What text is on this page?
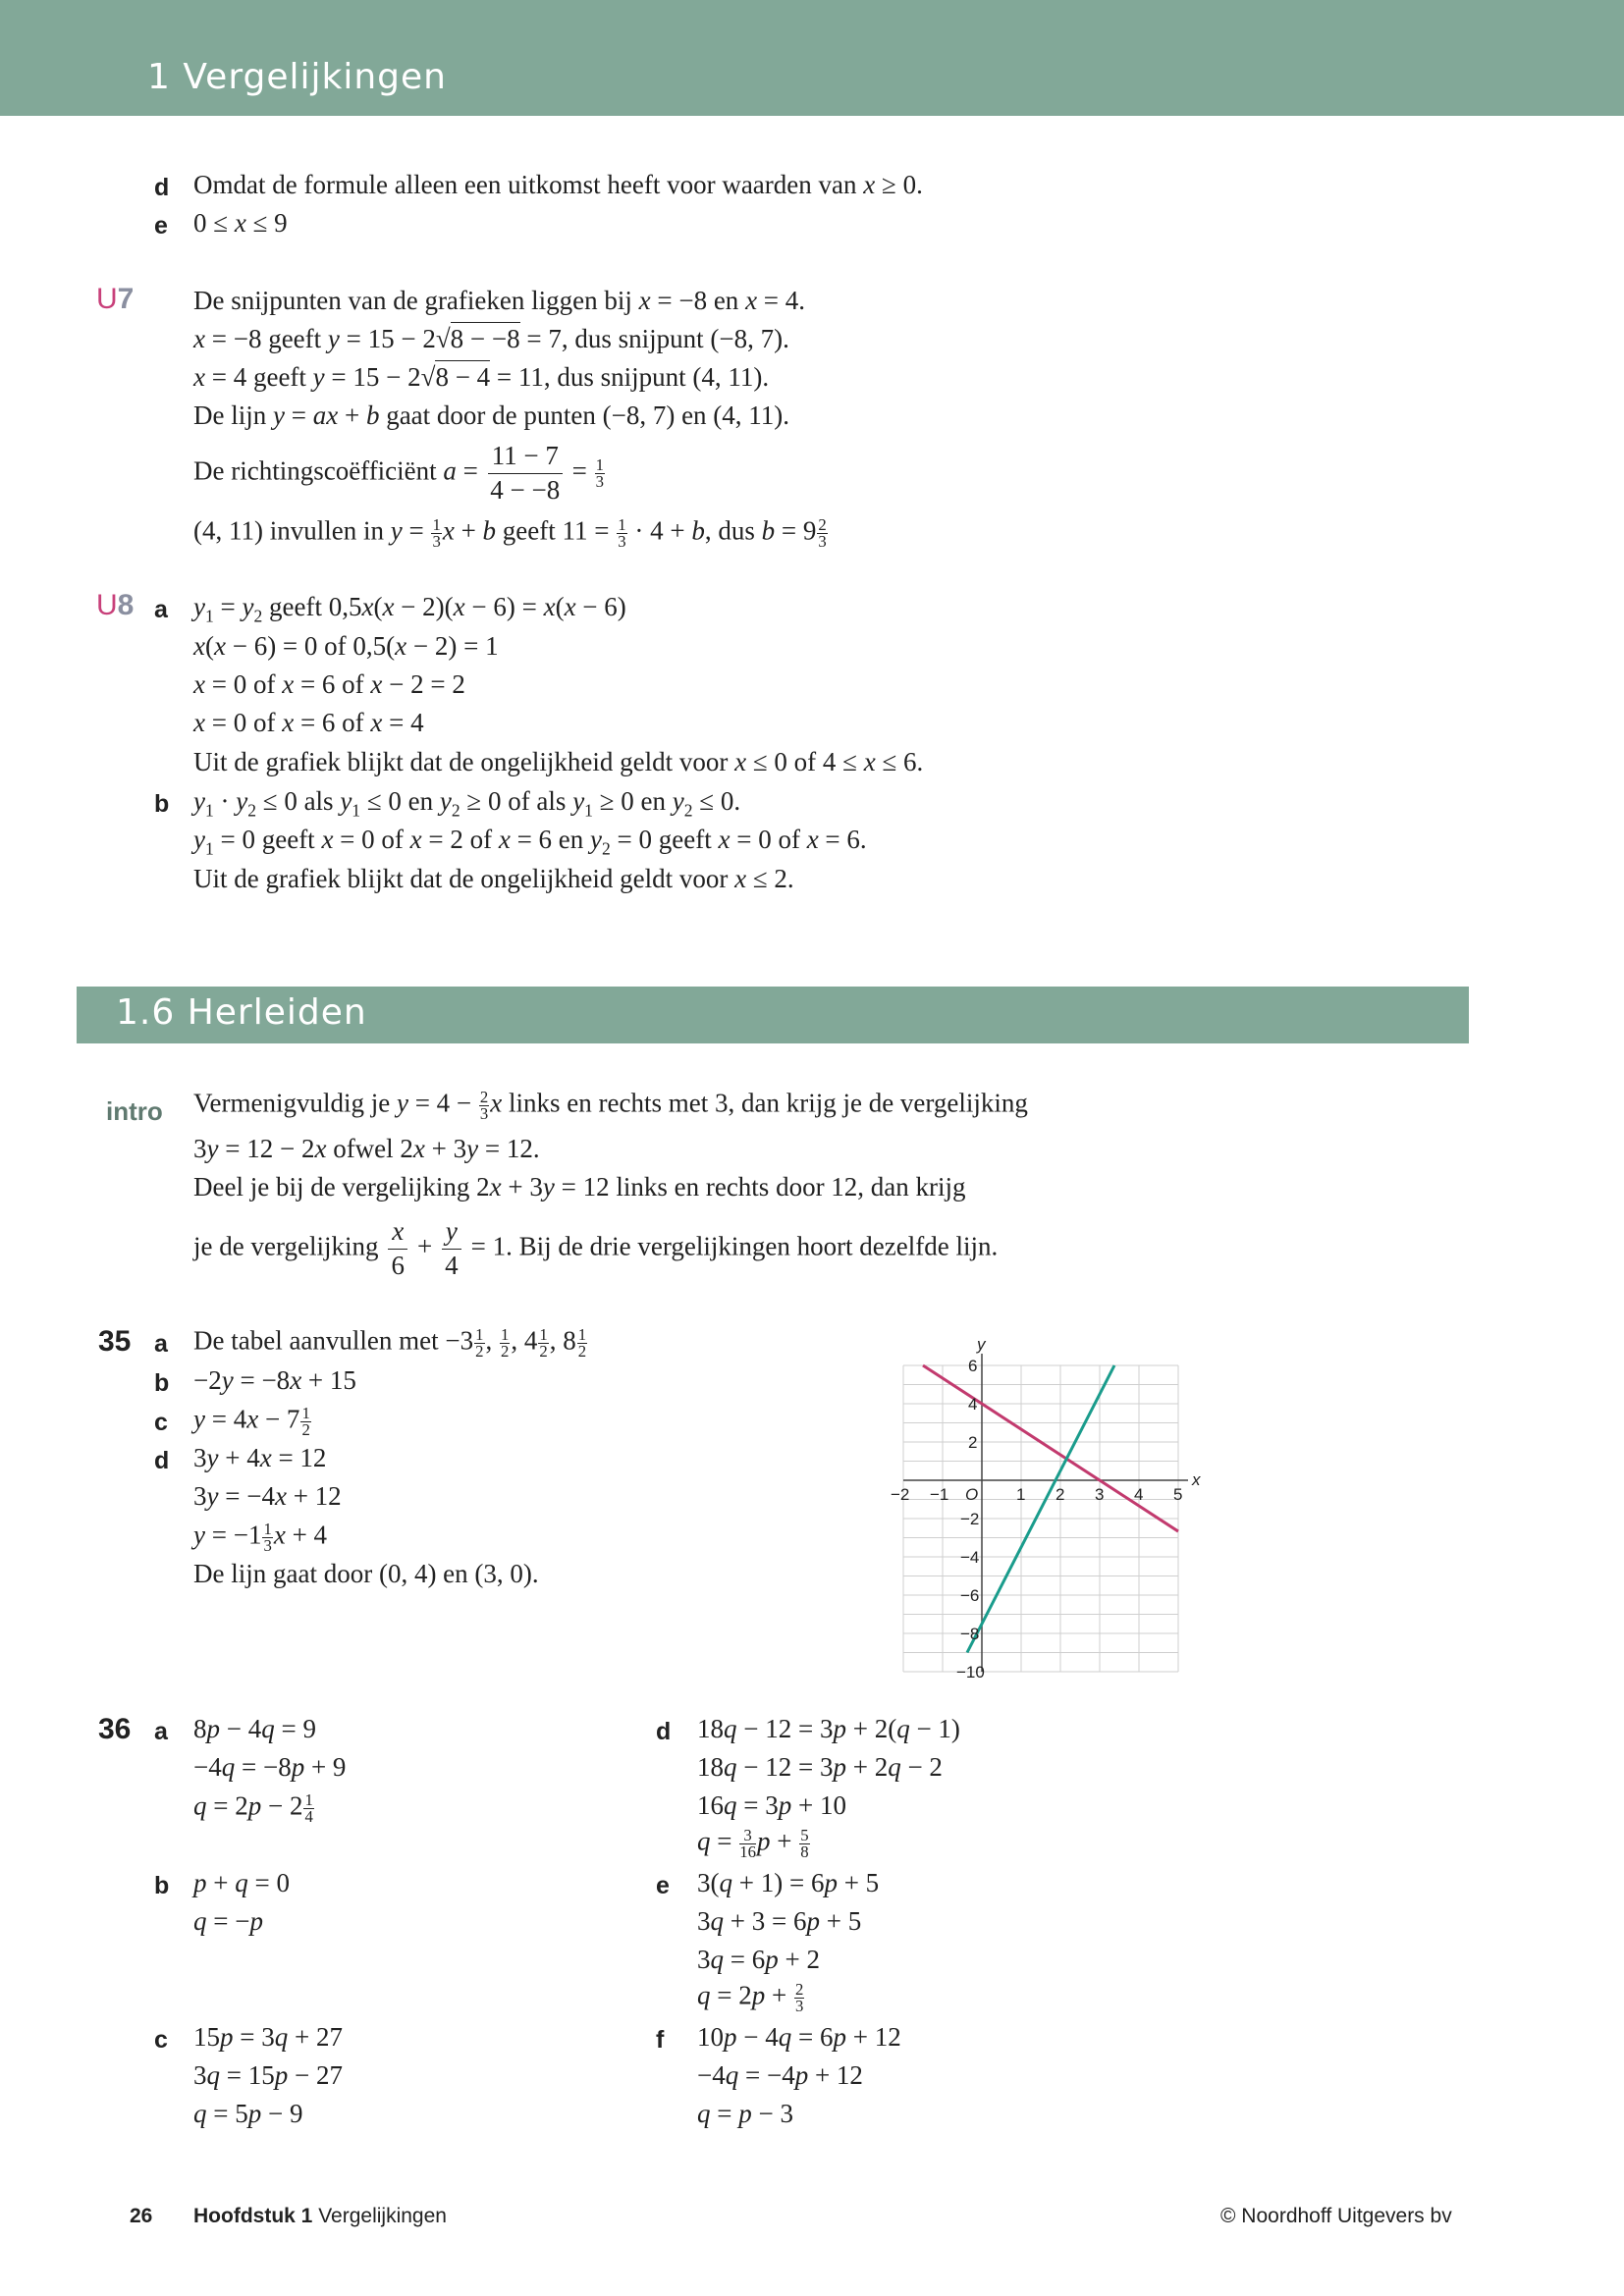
1 Vergelijkingen
d Omdat de formule alleen een uitkomst heeft voor waarden van x ≥ 0.
e 0 ≤ x ≤ 9
U7 De snijpunten van de grafieken liggen bij x = −8 en x = 4.
x = −8 geeft y = 15 − 2√8 − −8 = 7, dus snijpunt (−8, 7).
x = 4 geeft y = 15 − 2√8 − 4 = 11, dus snijpunt (4, 11).
De lijn y = ax + b gaat door de punten (−8, 7) en (4, 11).
De richtingscoëfficiënt $a = \frac{11 - 7}{4 - -8} = \frac{1}{3}$
(4, 11) invullen in $y = \frac{1}{3}$ x + b geeft $11 = \frac{1}{3} \cdot 4 + b$, dus $b = 9 \frac{2}{3}$
U8 a $y_1 = y_2$ geeft 0,5x(x − 2)(x − 6) = x(x − 6)
x(x − 6) = 0 of 0,5(x − 2) = 1
x = 0 of x = 6 of x − 2 = 2
x = 0 of x = 6 of x = 4
Uit de grafiek blijkt dat de ongelijkheid geldt voor x ≤ 0 of 4 ≤ x ≤ 6.
b $y_1 \cdot y_2 \le 0$ als $y_1 \le 0$ en $y_2 \ge 0$ of als $y_1 \ge 0$ en $y_2 \le 0$.
$y_1 = 0$ geeft x = 0 of x = 2 of x = 6 en $y_2 = 0$ geeft x = 0 of x = 6.
Uit de grafiek blijkt dat de ongelijkheid geldt voor x ≤ 2.
1.6 Herleiden
intro Vermenigvuldig je $y = 4 - \frac{2}{3}$ x links en rechts met 3, dan krijg je de vergelijking
3y = 12 − 2x ofwel 2x + 3y = 12.
Deel je bij de vergelijking 2x + 3y = 12 links en rechts door 12, dan krijg
je de vergelijking $\frac{x}{6} + \frac{y}{4} = 1$. Bij de drie vergelijkingen hoort dezelfde lijn.
35 a De tabel aanvullen met $-3 \frac{1}{2}$ , $\frac{1}{2}$ , $4 \frac{1}{2}$ , $8 \frac{1}{2}$
b −2y = −8x + 15
c $y = 4x - 7 \frac{1}{2}$
d 3y + 4x = 12
3y = −4x + 12
$y = -1 \frac{1}{3}$ x + 4
De lijn gaat door (0, 4) en (3, 0).
x
y
−2 −1 O 1 2 3 4 5
6
4
2
−2
−4
−6
−8
−10
36 a 8p − 4q = 9
−4q = −8p + 9
$q = 2p - 2 \frac{1}{4}$
b p + q = 0
q = −p
c 15p = 3q + 27
3q = 15p − 27
q = 5p − 9
d 18q − 12 = 3p + 2(q − 1)
18q − 12 = 3p + 2q − 2
16q = 3p + 10
$q = \frac{3}{16}$ $p + \frac{5}{8}$
e 3(q + 1) = 6p + 5
3q + 3 = 6p + 5
3q = 6p + 2
$q = 2p + \frac{2}{3}$
f 10p − 4q = 6p + 12
−4q = −4p + 12
q = p − 3
26 Hoofdstuk 1 Vergelijkingen	© Noordhoff Uitgevers bv
